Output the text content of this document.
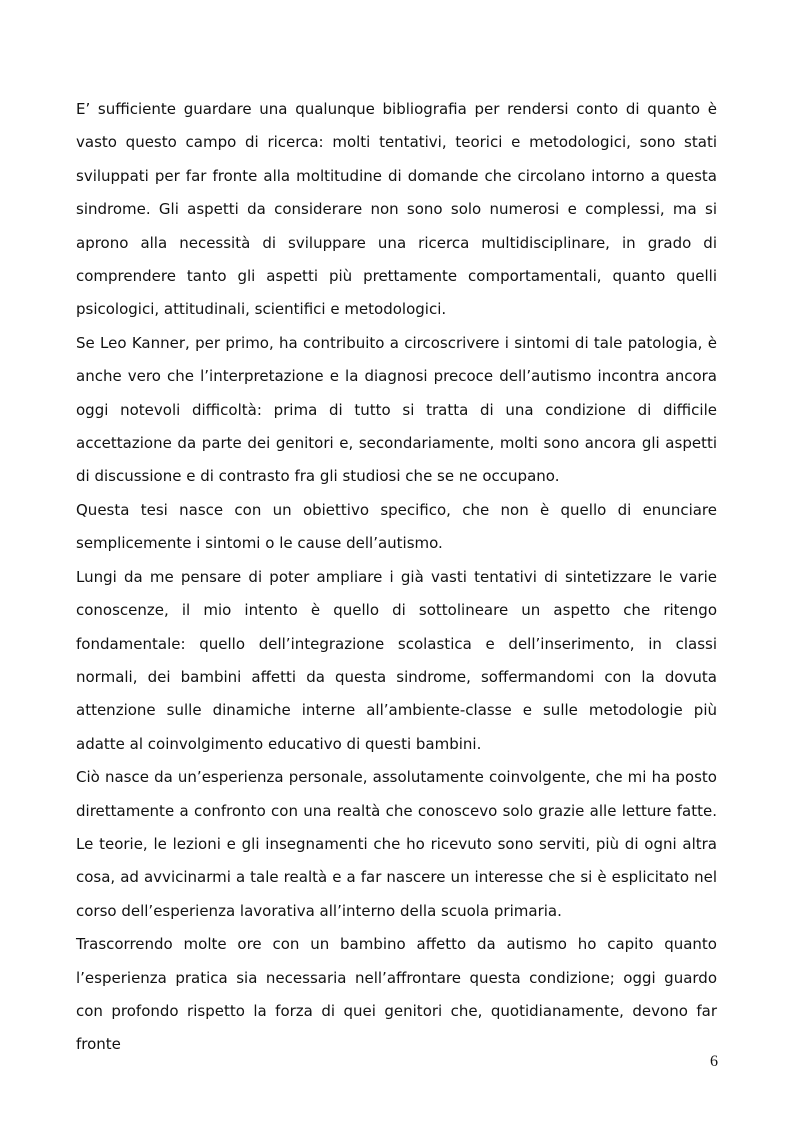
E’ sufficiente guardare una qualunque bibliografia per rendersi conto di quanto è vasto questo campo di ricerca: molti tentativi, teorici e metodologici, sono stati sviluppati per far fronte alla moltitudine di domande che circolano intorno a questa sindrome. Gli aspetti da considerare non sono solo numerosi e complessi, ma si aprono alla necessità di sviluppare una ricerca multidisciplinare, in grado di comprendere tanto gli aspetti più prettamente comportamentali, quanto quelli psicologici, attitudinali, scientifici e metodologici.

Se Leo Kanner, per primo, ha contribuito a circoscrivere i sintomi di tale patologia, è anche vero che l’interpretazione e la diagnosi precoce dell’autismo incontra ancora oggi notevoli difficoltà: prima di tutto si tratta di una condizione di difficile accettazione da parte dei genitori e, secondariamente, molti sono ancora gli aspetti di discussione e di contrasto fra gli studiosi che se ne occupano.

Questa tesi nasce con un obiettivo specifico, che non è quello di enunciare semplicemente i sintomi o le cause dell’autismo.

Lungi da me pensare di poter ampliare i già vasti tentativi di sintetizzare le varie conoscenze, il mio intento è quello di sottolineare un aspetto che ritengo fondamentale: quello dell’integrazione scolastica e dell’inserimento, in classi normali, dei bambini affetti da questa sindrome, soffermandomi con la dovuta attenzione sulle dinamiche interne all’ambiente-classe e sulle metodologie più adatte al coinvolgimento educativo di questi bambini.

Ciò nasce da un’esperienza personale, assolutamente coinvolgente, che mi ha posto direttamente a confronto con una realtà che conoscevo solo grazie alle letture fatte. Le teorie, le lezioni e gli insegnamenti che ho ricevuto sono serviti, più di ogni altra cosa, ad avvicinarmi a tale realtà e a far nascere un interesse che si è esplicitato nel corso dell’esperienza lavorativa all’interno della scuola primaria.

Trascorrendo molte ore con un bambino affetto da autismo ho capito quanto l’esperienza pratica sia necessaria nell’affrontare questa condizione; oggi guardo con profondo rispetto la forza di quei genitori che, quotidianamente, devono far fronte

6
